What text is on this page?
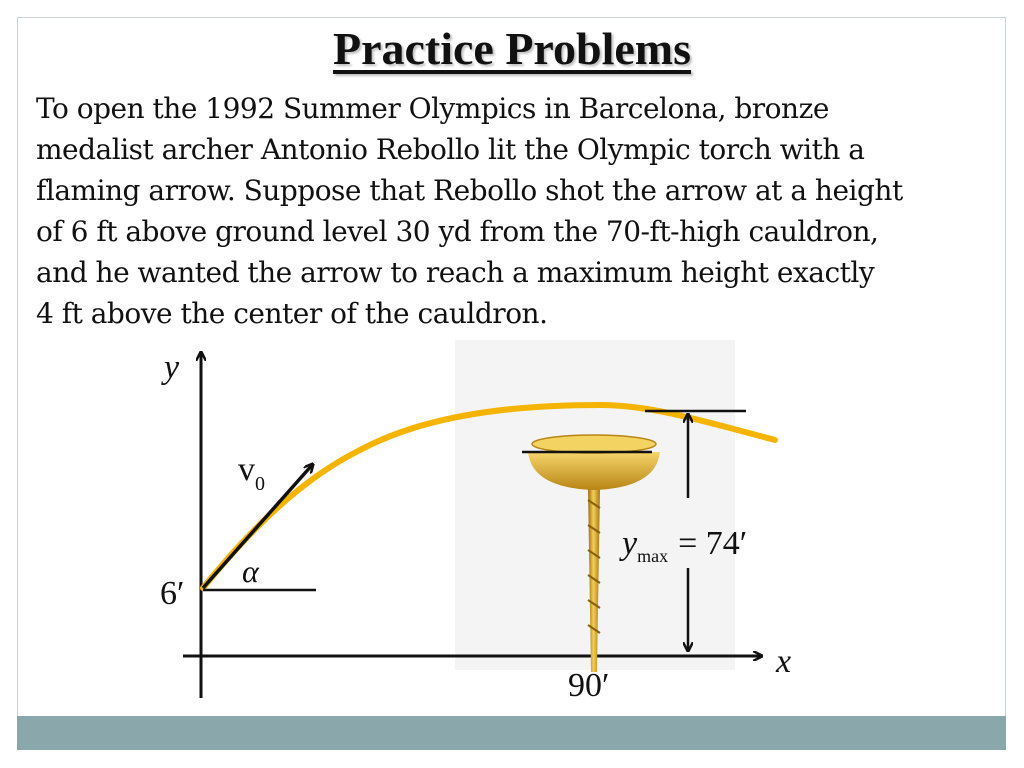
Practice Problems

To open the 1992 Summer Olympics in Barcelona, bronze
medalist archer Antonio Rebollo lit the Olympic torch with a
flaming arrow. Suppose that Rebollo shot the arrow at a height
of 6 ft above ground level 30 yd from the 70-ft-high cauldron,
and he wanted the arrow to reach a maximum height exactly
4 ft above the center of the cauldron.

y
x
$v_0$
α
6′
90′
$y_{max} = 74'$
